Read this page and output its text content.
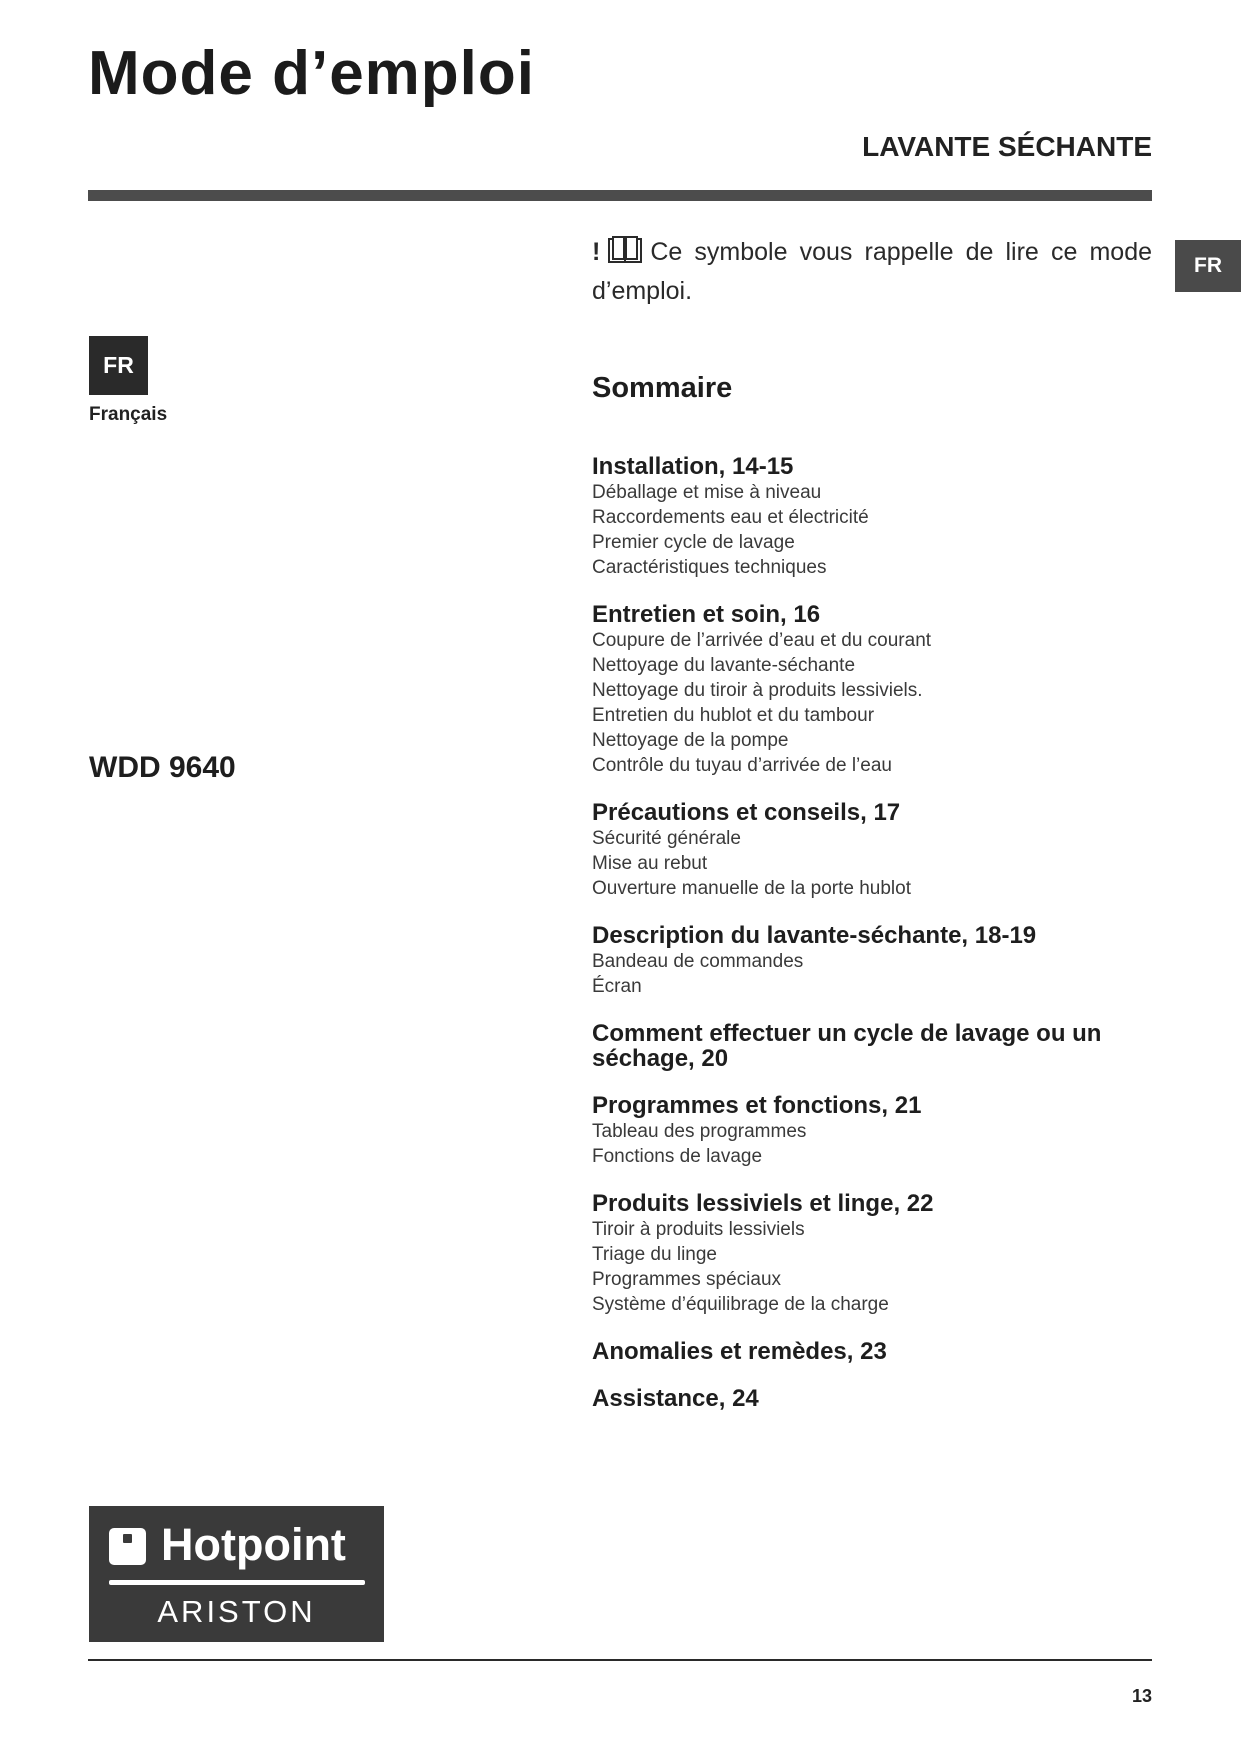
Mode d’emploi
LAVANTE SÉCHANTE
FR
FR
Français
WDD 9640
! Ce symbole vous rappelle de lire ce mode d’emploi.
Sommaire
Installation, 14-15
Déballage et mise à niveau
Raccordements eau et électricité
Premier cycle de lavage
Caractéristiques techniques
Entretien et soin, 16
Coupure de l’arrivée d’eau et du courant
Nettoyage du lavante-séchante
Nettoyage du tiroir à produits lessiviels.
Entretien du hublot et du tambour
Nettoyage de la pompe
Contrôle du tuyau d’arrivée de l’eau
Précautions et conseils, 17
Sécurité générale
Mise au rebut
Ouverture manuelle de la porte hublot
Description du lavante-séchante, 18-19
Bandeau de commandes
Écran
Comment effectuer un cycle de lavage ou un séchage, 20
Programmes et fonctions, 21
Tableau des programmes
Fonctions de lavage
Produits lessiviels et linge, 22
Tiroir à produits lessiviels
Triage du linge
Programmes spéciaux
Système d’équilibrage de la charge
Anomalies et remèdes, 23
Assistance, 24
Hotpoint
ARISTON
13
